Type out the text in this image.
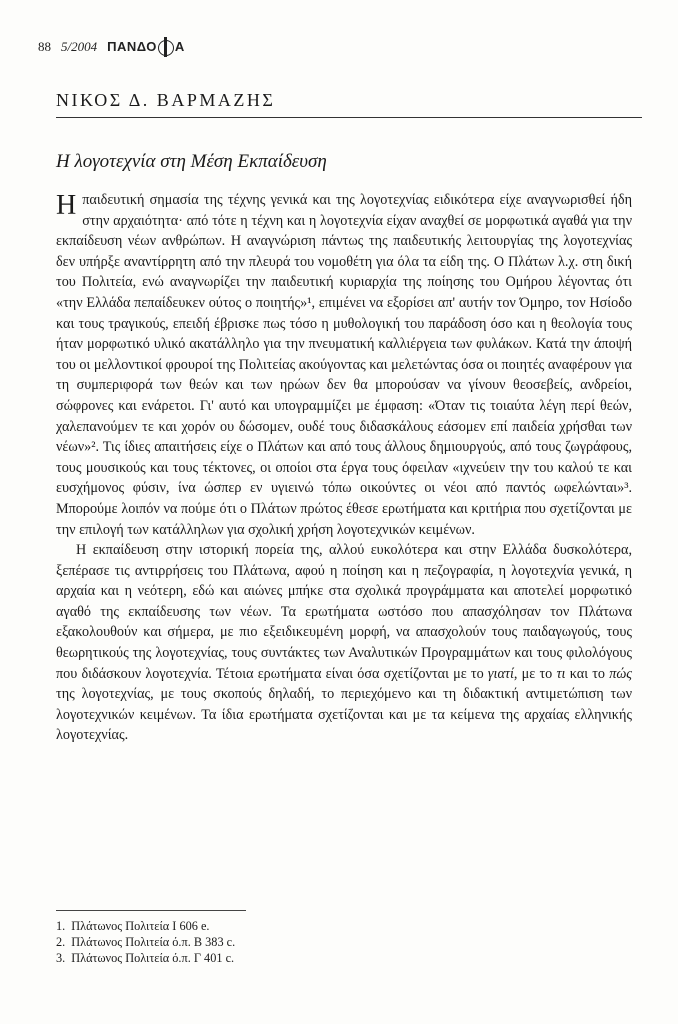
88 5/2004 ΠΑΝΔΟ Α
ΝΙΚΟΣ Δ. ΒΑΡΜΑΖΗΣ
Η λογοτεχνία στη Μέση Εκπαίδευση

Η παιδευτική σημασία της τέχνης γενικά και της λογοτεχνίας ειδικότερα είχε αναγνωρισθεί ήδη στην αρχαιότητα· από τότε η τέχνη και η λογοτεχνία είχαν αναχθεί σε μορφωτικά αγαθά για την εκπαίδευση νέων ανθρώπων. Η αναγνώριση πάντως της παιδευτικής λειτουργίας της λογοτεχνίας δεν υπήρξε αναντίρρητη από την πλευρά του νομοθέτη για όλα τα είδη της. Ο Πλάτων λ.χ. στη δική του Πολιτεία, ενώ αναγνωρίζει την παιδευτική κυριαρχία της ποίησης του Ομήρου λέγοντας ότι «την Ελλάδα πεπαίδευκεν ούτος ο ποιητής»¹, επιμένει να εξορίσει απ' αυτήν τον Όμηρο, τον Ησίοδο και τους τραγικούς, επειδή έβρισκε πως τόσο η μυθολογική του παράδοση όσο και η θεολογία τους ήταν μορφωτικό υλικό ακατάλληλο για την πνευματική καλλιέργεια των φυλάκων. Κατά την άποψή του οι μελλοντικοί φρουροί της Πολιτείας ακούγοντας και μελετώντας όσα οι ποιητές αναφέρουν για τη συμπεριφορά των θεών και των ηρώων δεν θα μπορούσαν να γίνουν θεοσεβείς, ανδρείοι, σώφρονες και ενάρετοι. Γι' αυτό και υπογραμμίζει με έμφαση: «Όταν τις τοιαύτα λέγη περί θεών, χαλεπανούμεν τε και χορόν ου δώσομεν, ουδέ τους διδασκάλους εάσομεν επί παιδεία χρήσθαι των νέων»². Τις ίδιες απαιτήσεις είχε ο Πλάτων και από τους άλλους δημιουργούς, από τους ζωγράφους, τους μουσικούς και τους τέκτονες, οι οποίοι στα έργα τους όφειλαν «ιχνεύειν την του καλού τε και ευσχήμονος φύσιν, ίνα ώσπερ εν υγιεινώ τόπω οικούντες οι νέοι από παντός ωφελώνται»³. Μπορούμε λοιπόν να πούμε ότι ο Πλάτων πρώτος έθεσε ερωτήματα και κριτήρια που σχετίζονται με την επιλογή των κατάλληλων για σχολική χρήση λογοτεχνικών κειμένων.

Η εκπαίδευση στην ιστορική πορεία της, αλλού ευκολότερα και στην Ελλάδα δυσκολότερα, ξεπέρασε τις αντιρρήσεις του Πλάτωνα, αφού η ποίηση και η πεζογραφία, η λογοτεχνία γενικά, η αρχαία και η νεότερη, εδώ και αιώνες μπήκε στα σχολικά προγράμματα και αποτελεί μορφωτικό αγαθό της εκπαίδευσης των νέων. Τα ερωτήματα ωστόσο που απασχόλησαν τον Πλάτωνα εξακολουθούν και σήμερα, με πιο εξειδικευμένη μορφή, να απασχολούν τους παιδαγωγούς, τους θεωρητικούς της λογοτεχνίας, τους συντάκτες των Αναλυτικών Προγραμμάτων και τους φιλολόγους που διδάσκουν λογοτεχνία. Τέτοια ερωτήματα είναι όσα σχετίζονται με το γιατί, με το τι και το πώς της λογοτεχνίας, με τους σκοπούς δηλαδή, το περιεχόμενο και τη διδακτική αντιμετώπιση των λογοτεχνικών κειμένων. Τα ίδια ερωτήματα σχετίζονται και με τα κείμενα της αρχαίας ελληνικής λογοτεχνίας.

1. Πλάτωνος Πολιτεία Ι 606 e.
2. Πλάτωνος Πολιτεία ό.π. Β 383 c.
3. Πλάτωνος Πολιτεία ό.π. Γ 401 c.
